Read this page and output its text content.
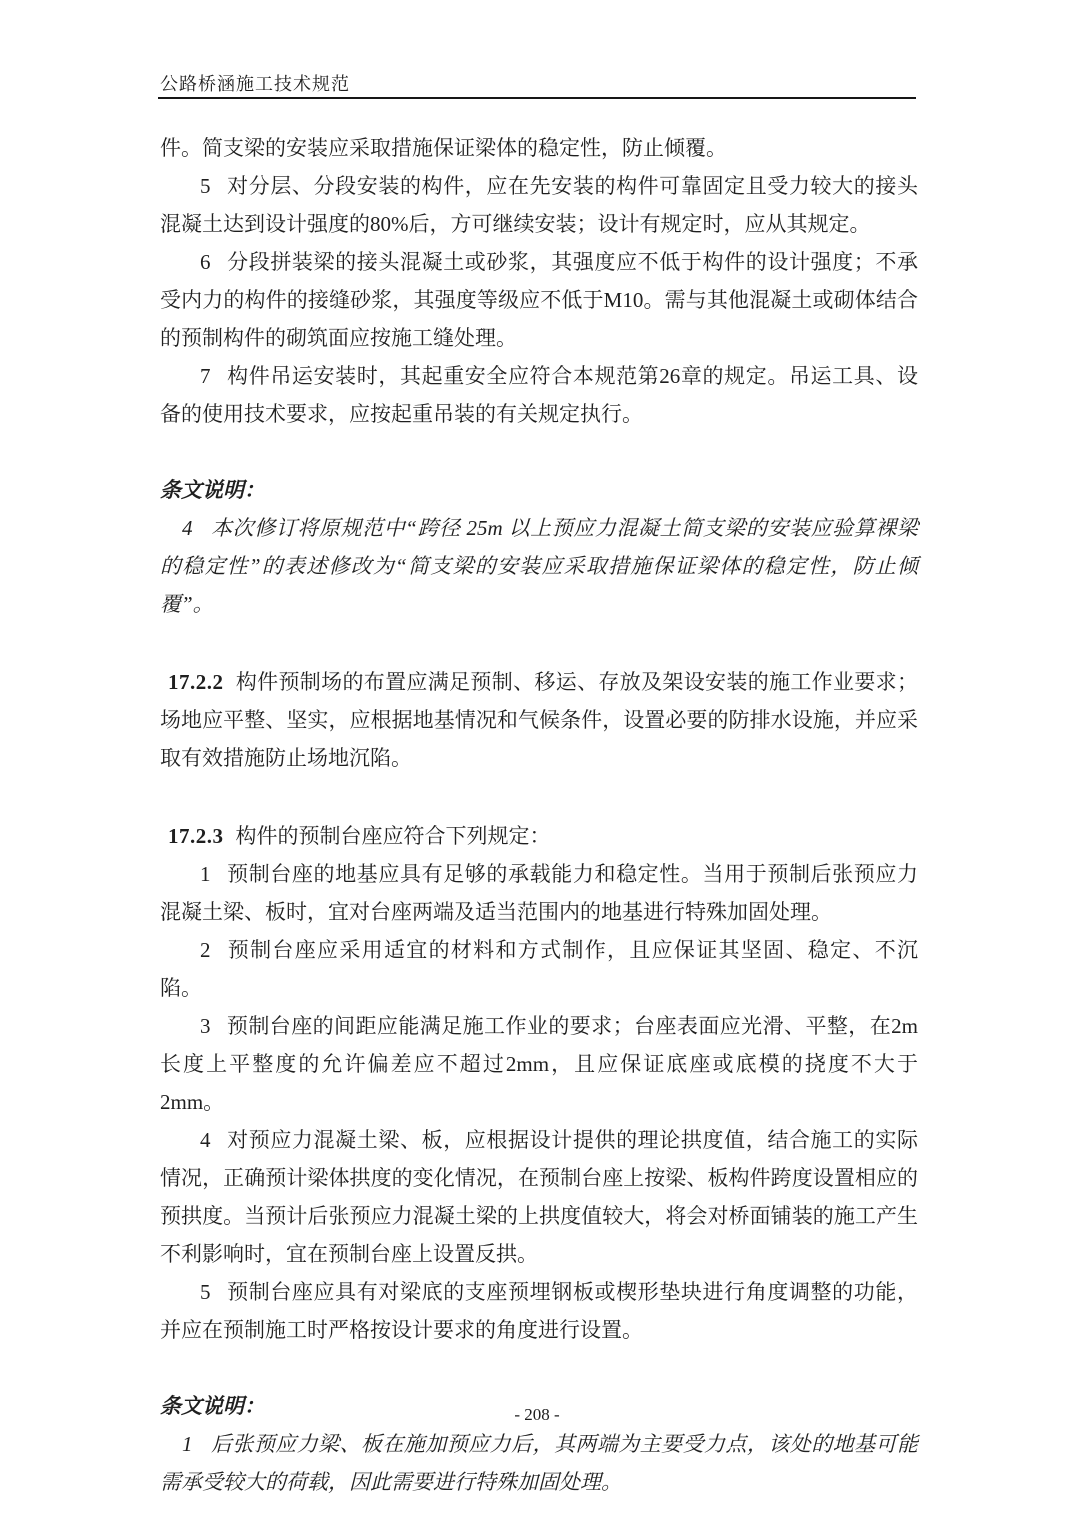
公路桥涵施工技术规范

件。简支梁的安装应采取措施保证梁体的稳定性，防止倾覆。

5 对分层、分段安装的构件，应在先安装的构件可靠固定且受力较大的接头混凝土达到设计强度的80%后，方可继续安装；设计有规定时，应从其规定。

6 分段拼装梁的接头混凝土或砂浆，其强度应不低于构件的设计强度；不承受内力的构件的接缝砂浆，其强度等级应不低于M10。需与其他混凝土或砌体结合的预制构件的砌筑面应按施工缝处理。

7 构件吊运安装时，其起重安全应符合本规范第26章的规定。吊运工具、设备的使用技术要求，应按起重吊装的有关规定执行。

条文说明：

4 本次修订将原规范中“跨径 25m 以上预应力混凝土简支梁的安装应验算裸梁的稳定性”的表述修改为“简支梁的安装应采取措施保证梁体的稳定性，防止倾覆”。

17.2.2 构件预制场的布置应满足预制、移运、存放及架设安装的施工作业要求；场地应平整、坚实，应根据地基情况和气候条件，设置必要的防排水设施，并应采取有效措施防止场地沉陷。

17.2.3 构件的预制台座应符合下列规定：

1 预制台座的地基应具有足够的承载能力和稳定性。当用于预制后张预应力混凝土梁、板时，宜对台座两端及适当范围内的地基进行特殊加固处理。

2 预制台座应采用适宜的材料和方式制作，且应保证其坚固、稳定、不沉陷。

3 预制台座的间距应能满足施工作业的要求；台座表面应光滑、平整，在2m长度上平整度的允许偏差应不超过2mm，且应保证底座或底模的挠度不大于2mm。

4 对预应力混凝土梁、板，应根据设计提供的理论拱度值，结合施工的实际情况，正确预计梁体拱度的变化情况，在预制台座上按梁、板构件跨度设置相应的预拱度。当预计后张预应力混凝土梁的上拱度值较大，将会对桥面铺装的施工产生不利影响时，宜在预制台座上设置反拱。

5 预制台座应具有对梁底的支座预埋钢板或楔形垫块进行角度调整的功能，并应在预制施工时严格按设计要求的角度进行设置。

条文说明：

1 后张预应力梁、板在施加预应力后，其两端为主要受力点，该处的地基可能需承受较大的荷载，因此需要进行特殊加固处理。

- 208 -
